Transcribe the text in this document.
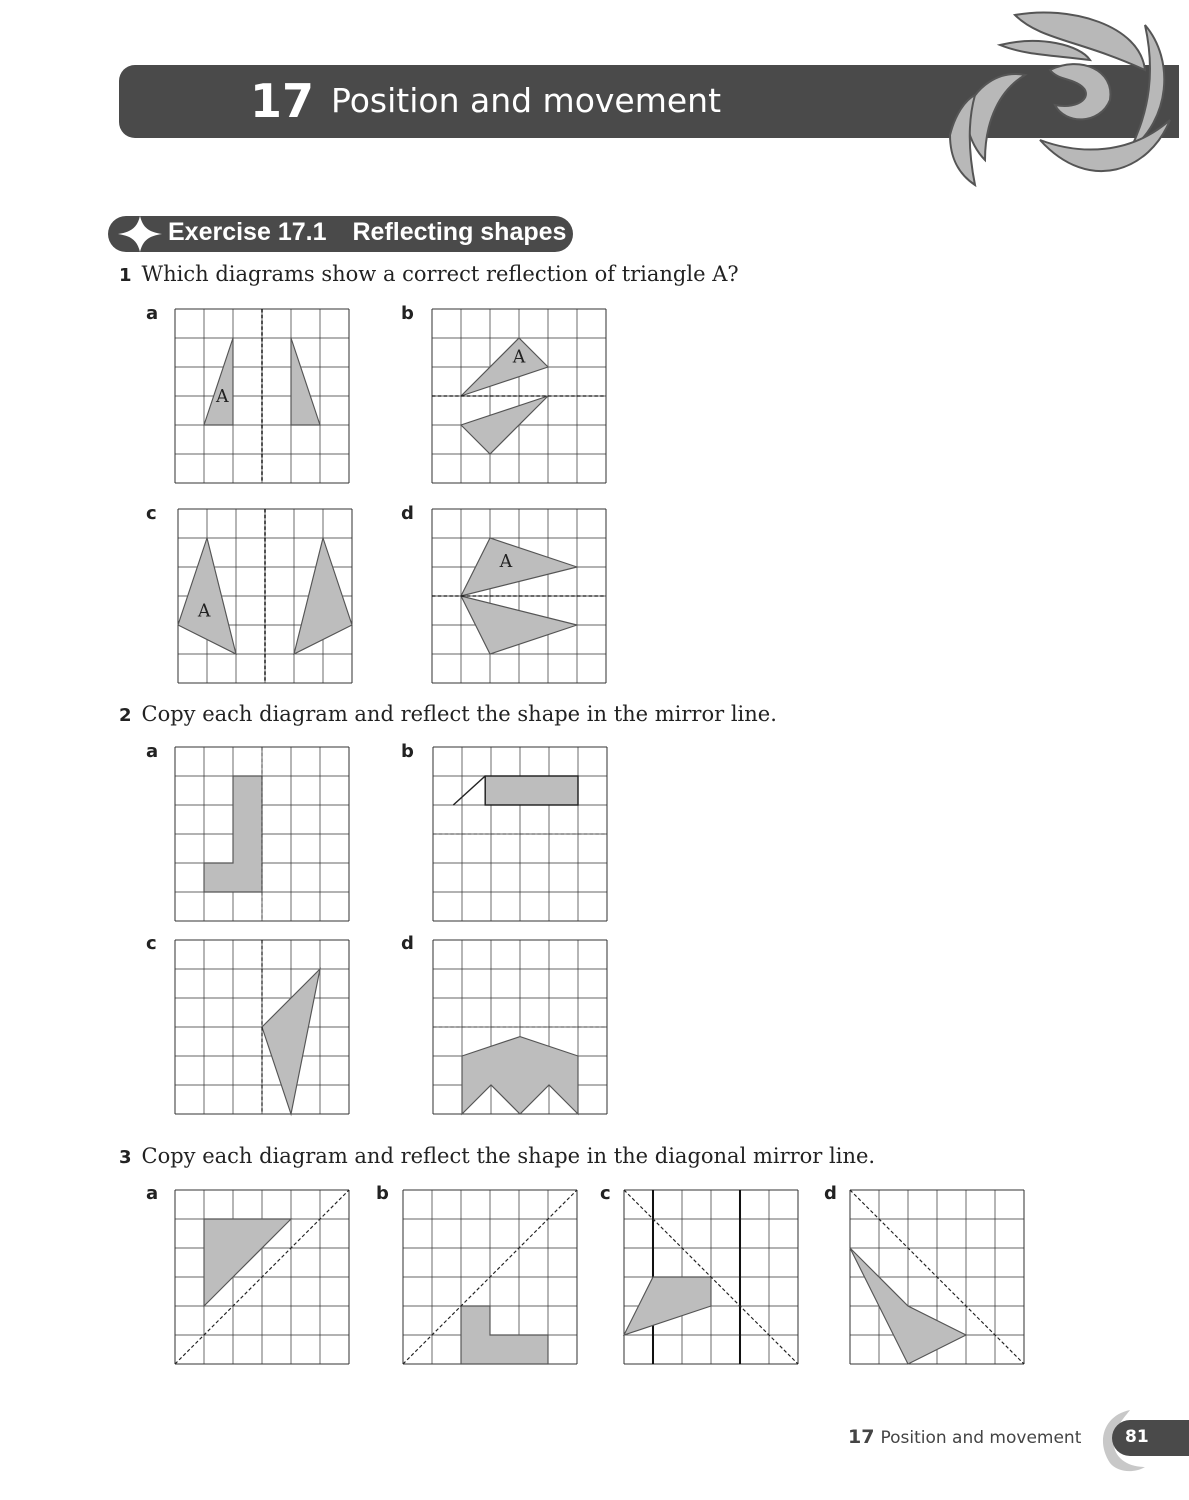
17 Position and movement
Exercise 17.1 Reflecting shapes
1 Which diagrams show a correct reflection of triangle A?
a	b
c	d
2 Copy each diagram and reflect the shape in the mirror line.
a	b
c	d
3 Copy each diagram and reflect the shape in the diagonal mirror line.
a	b	c	d
17 Position and movement	81
